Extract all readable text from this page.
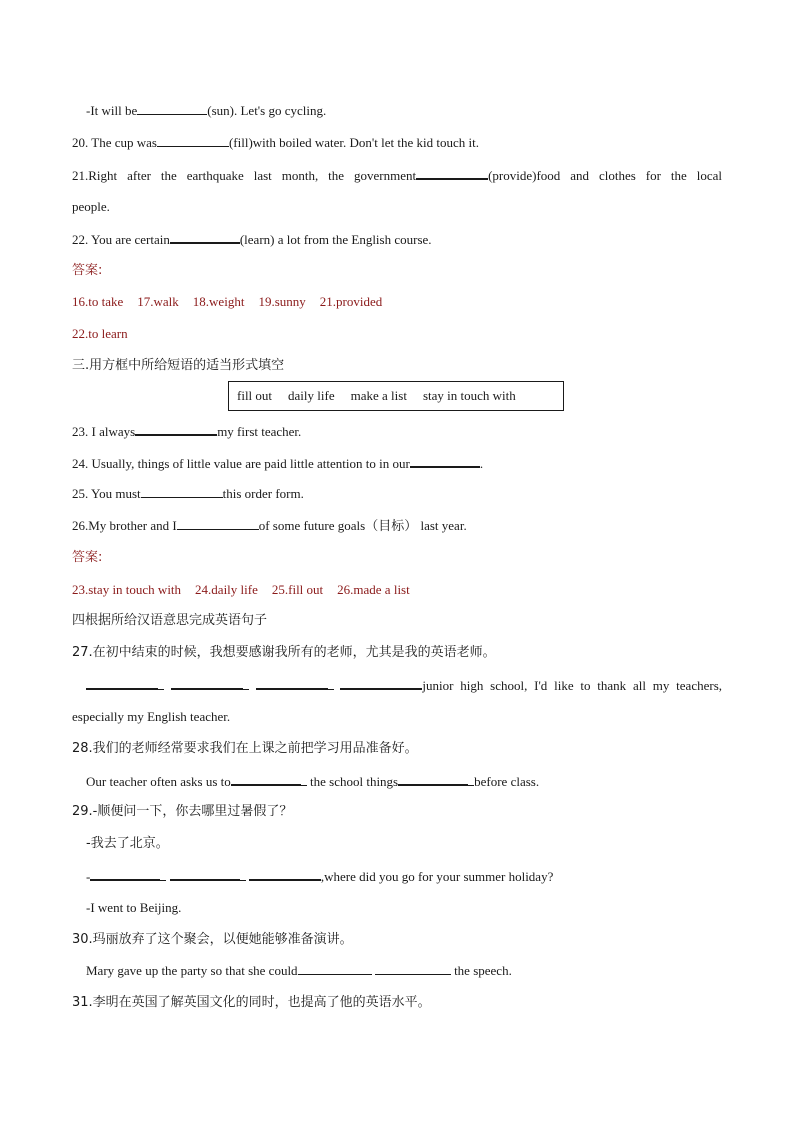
-It will be	(sun). Let's go cycling.
20. The cup was	(fill)with boiled water. Don't let the kid touch it.
21.Right after the earthquake last month, the government	(provide)food and clothes for the local
people.
22. You are certain	(learn) a lot from the English course.
答案:
16.to take 17.walk 18.weight 19.sunny 21.provided
22.to learn
三.用方框中所给短语的适当形式填空
fill out daily life make a list stay in touch with
23. I always	my first teacher.
24. Usually, things of little value are paid little attention to in our	.
25. You must	this order form.
26.My brother and I	of some future goals（目标） last year.
答案:
23.stay in touch with 24.daily life 25.fill out 26.made a list
四根据所给汉语意思完成英语句子
27.在初中结束的时候，我想要感谢我所有的老师，尤其是我的英语老师。
junior high school, I'd like to thank all my teachers,
especially my English teacher.
28.我们的老师经常要求我们在上课之前把学习用品准备好。
Our teacher often asks us to	the school things	before class.
29.-顺便问一下，你去哪里过暑假了？
-我去了北京。
-	,where did you go for your summer holiday?
-I went to Beijing.
30.玛丽放弃了这个聚会，以便她能够准备演讲。
Mary gave up the party so that she could	the speech.
31.李明在英国了解英国文化的同时，也提高了他的英语水平。
